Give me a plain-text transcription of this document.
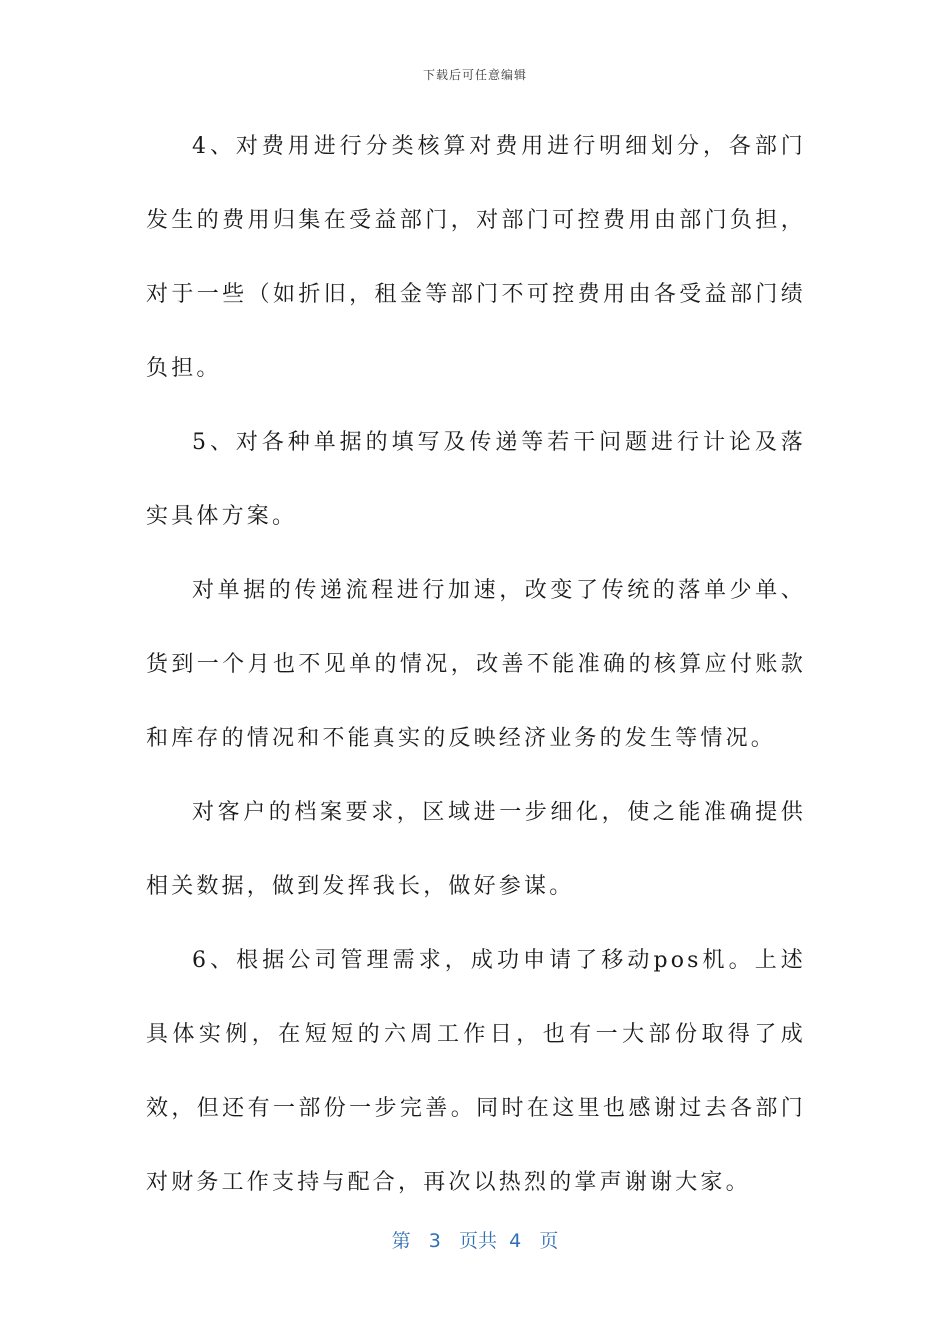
下载后可任意编辑

4、对费用进行分类核算对费用进行明细划分，各部门发生的费用归集在受益部门，对部门可控费用由部门负担，对于一些（如折旧，租金等部门不可控费用由各受益部门绩负担。

5、对各种单据的填写及传递等若干问题进行计论及落实具体方案。

对单据的传递流程进行加速，改变了传统的落单少单、货到一个月也不见单的情况，改善不能准确的核算应付账款和库存的情况和不能真实的反映经济业务的发生等情况。

对客户的档案要求，区域进一步细化，使之能准确提供相关数据，做到发挥我长，做好参谋。

6、根据公司管理需求，成功申请了移动pos机。上述具体实例，在短短的六周工作日，也有一大部份取得了成效，但还有一部份一步完善。同时在这里也感谢过去各部门对财务工作支持与配合，再次以热烈的掌声谢谢大家。

第 3 页共 4 页
